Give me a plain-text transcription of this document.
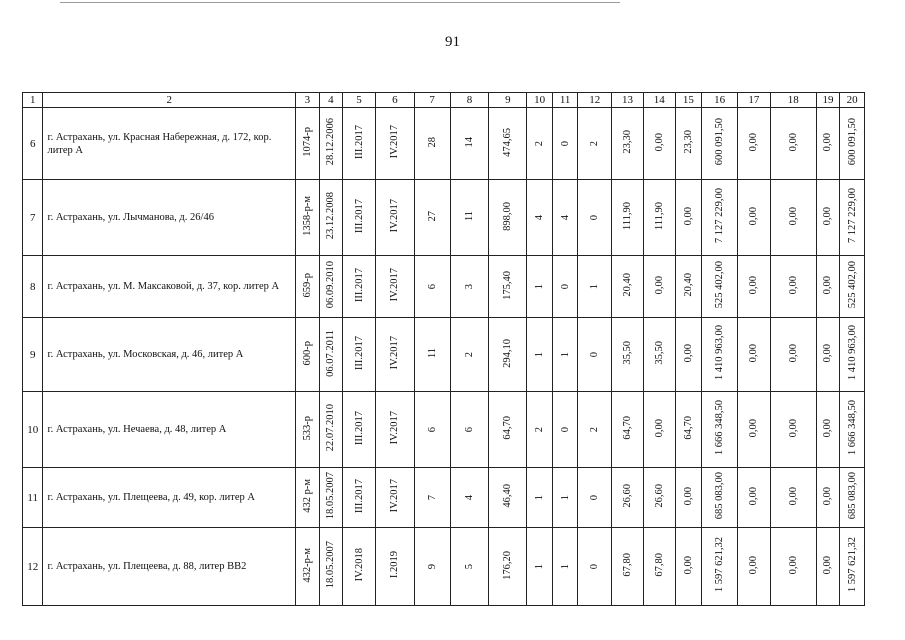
91
1	2	3	4	5	6	7	8	9	10	11	12	13	14	15	16	17	18	19	20
6	г. Астрахань, ул. Красная Набережная, д. 172, кор. литер А	1074-р	28.12.2006	III.2017	IV.2017	28	14	474,65	2	0	2	23,30	0,00	23,30	600 091,50	0,00	0,00	0,00	600 091,50
7	г. Астрахань, ул. Лычманова, д. 26/46	1358-р-м	23.12.2008	III.2017	IV.2017	27	11	898,00	4	4	0	111,90	111,90	0,00	7 127 229,00	0,00	0,00	0,00	7 127 229,00
8	г. Астрахань, ул. М. Максаковой, д. 37, кор. литер А	659-р	06.09.2010	III.2017	IV.2017	6	3	175,40	1	0	1	20,40	0,00	20,40	525 402,00	0,00	0,00	0,00	525 402,00
9	г. Астрахань, ул. Московская, д. 46, литер А	600-р	06.07.2011	III.2017	IV.2017	11	2	294,10	1	1	0	35,50	35,50	0,00	1 410 963,00	0,00	0,00	0,00	1 410 963,00
10	г. Астрахань, ул. Нечаева, д. 48, литер А	533-р	22.07.2010	III.2017	IV.2017	6	6	64,70	2	0	2	64,70	0,00	64,70	1 666 348,50	0,00	0,00	0,00	1 666 348,50
11	г. Астрахань, ул. Плещеева, д. 49, кор. литер А	432 р-м	18.05.2007	III.2017	IV.2017	7	4	46,40	1	1	0	26,60	26,60	0,00	685 083,00	0,00	0,00	0,00	685 083,00
12	г. Астрахань, ул. Плещеева, д. 88, литер ВВ2	432-р-м	18.05.2007	IV.2018	I.2019	9	5	176,20	1	1	0	67,80	67,80	0,00	1 597 621,32	0,00	0,00	0,00	1 597 621,32
